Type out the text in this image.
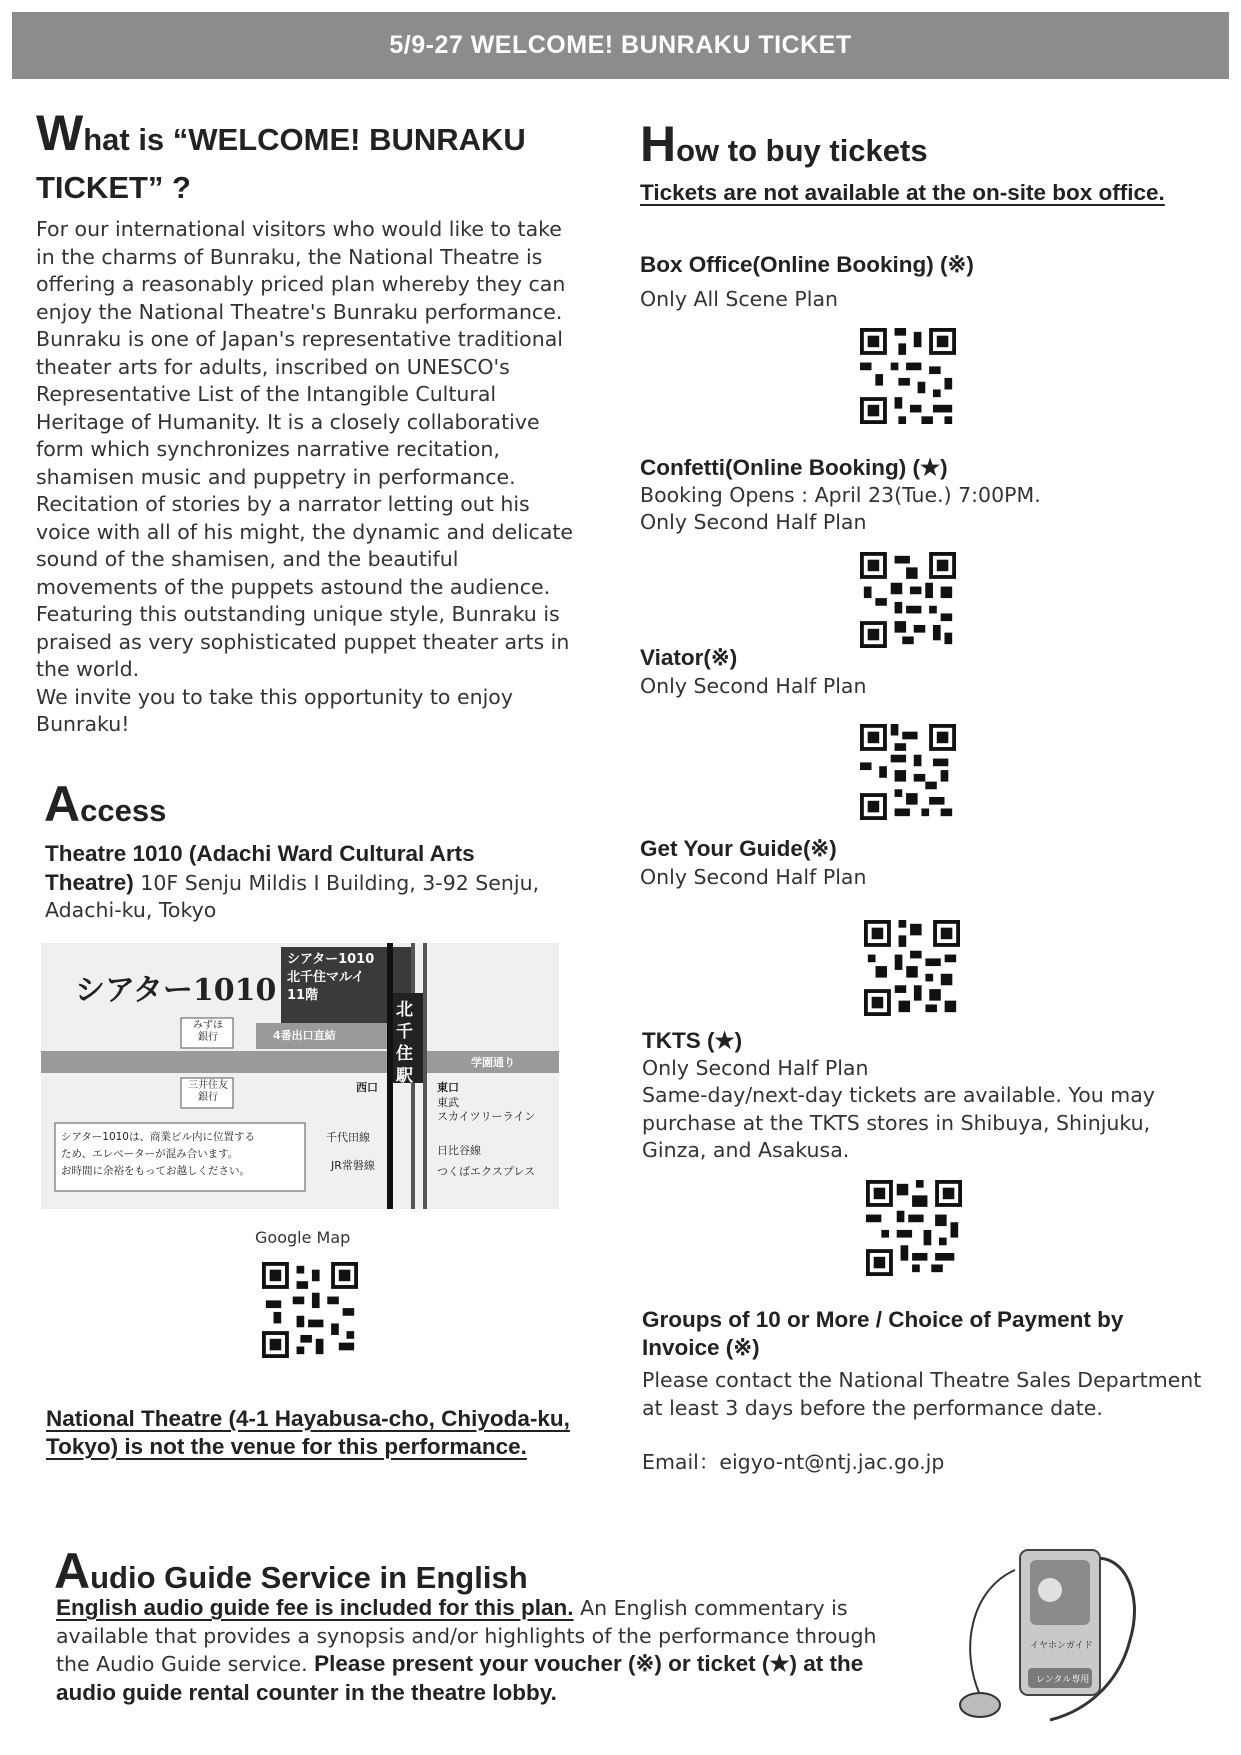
5/9-27 WELCOME! BUNRAKU TICKET
What is “WELCOME! BUNRAKU
TICKET” ?
For our international visitors who would like to take in the charms of Bunraku, the National Theatre is offering a reasonably priced plan whereby they can enjoy the National Theatre's Bunraku performance. Bunraku is one of Japan's representative traditional theater arts for adults, inscribed on UNESCO's Representative List of the Intangible Cultural Heritage of Humanity. It is a closely collaborative form which synchronizes narrative recitation, shamisen music and puppetry in performance. Recitation of stories by a narrator letting out his voice with all of his might, the dynamic and delicate sound of the shamisen, and the beautiful movements of the puppets astound the audience. Featuring this outstanding unique style, Bunraku is praised as very sophisticated puppet theater arts in the world.
We invite you to take this opportunity to enjoy Bunraku!
Access
Theatre 1010 (Adachi Ward Cultural Arts Theatre) 10F Senju Mildis Ⅰ Building, 3-92 Senju, Adachi-ku, Tokyo
シアター1010
シアター1010
北千住マルイ
11階
4番出口直結
北千住駅
みずほ
銀行
三井住友
銀行
学園通り
西口	東口
東武
スカイツリーライン
千代田線
日比谷線
JR常磐線	つくばエクスプレス
シアター1010は、商業ビル内に位置する
ため、エレベーターが混み合います。
お時間に余裕をもってお越しください。
Google Map
National Theatre (4-1 Hayabusa-cho, Chiyoda-ku, Tokyo) is not the venue for this performance.
How to buy tickets
Tickets are not available at the on-site box office.
Box Office(Online Booking) (※)
Only All Scene Plan
Confetti(Online Booking) (★)
Booking Opens : April 23(Tue.) 7:00PM.
Only Second Half Plan
Viator(※)
Only Second Half Plan
Get Your Guide(※)
Only Second Half Plan
TKTS (★)
Only Second Half Plan
Same-day/next-day tickets are available. You may purchase at the TKTS stores in Shibuya, Shinjuku, Ginza, and Asakusa.
Groups of 10 or More / Choice of Payment by Invoice (※)
Please contact the National Theatre Sales Department at least 3 days before the performance date.
Email：eigyo-nt@ntj.jac.go.jp
Audio Guide Service in English
English audio guide fee is included for this plan. An English commentary is available that provides a synopsis and/or highlights of the performance through the Audio Guide service. Please present your voucher (※) or ticket (★) at the audio guide rental counter in the theatre lobby.
イヤホンガイド
レンタル専用
